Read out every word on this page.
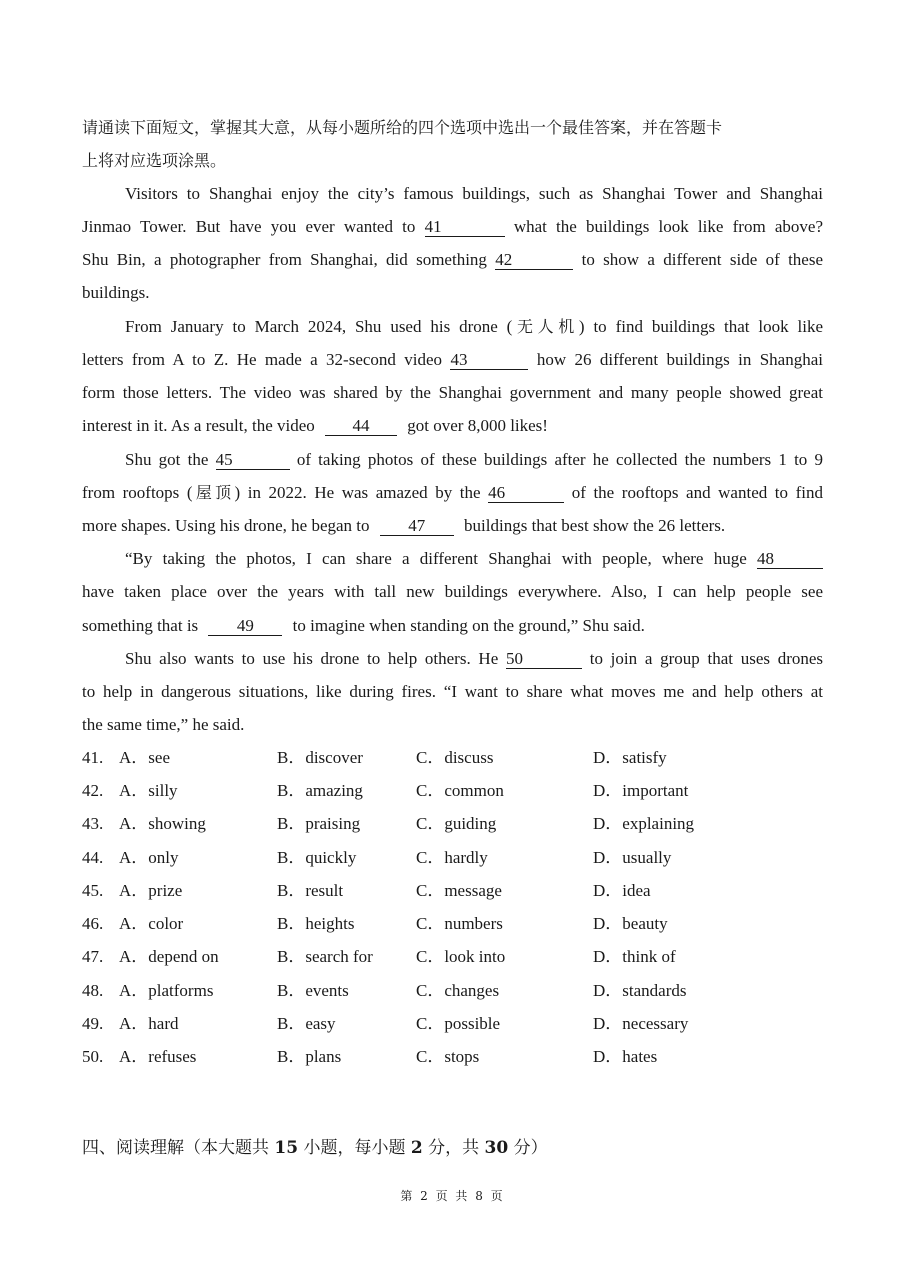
请通读下面短文，掌握其大意，从每小题所给的四个选项中选出一个最佳答案，并在答题卡
上将对应选项涂黑。
Visitors to Shanghai enjoy the city’s famous buildings, such as Shanghai Tower and Shanghai
Jinmao Tower. But have you ever wanted to 41	what the buildings look like from above?
Shu Bin, a photographer from Shanghai, did something 42	to show a different side of these
buildings.
From January to March 2024, Shu used his drone (无人机) to find buildings that look like
letters from A to Z. He made a 32-second video 43	how 26 different buildings in Shanghai
form those letters. The video was shared by the Shanghai government and many people showed great
interest in it. As a result, the video 44 got over 8,000 likes!
Shu got the 45	of taking photos of these buildings after he collected the numbers 1 to 9
from rooftops (屋顶) in 2022. He was amazed by the 46	of the rooftops and wanted to find
more shapes. Using his drone, he began to 47 buildings that best show the 26 letters.
“By taking the photos, I can share a different Shanghai with people, where huge 48
have taken place over the years with tall new buildings everywhere. Also, I can help people see
something that is 49 to imagine when standing on the ground,” Shu said.
Shu also wants to use his drone to help others. He 50	to join a group that uses drones
to help in dangerous situations, like during fires. “I want to share what moves me and help others at
the same time,” he said.
41. A．see	B．discover	C．discuss	D．satisfy
42. A．silly	B．amazing	C．common	D．important
43. A．showing	B．praising	C．guiding	D．explaining
44. A．only	B．quickly	C．hardly	D．usually
45. A．prize	B．result	C．message	D．idea
46. A．color	B．heights	C．numbers	D．beauty
47. A．depend on	B．search for	C．look into	D．think of
48. A．platforms	B．events	C．changes	D．standards
49. A．hard	B．easy	C．possible	D．necessary
50. A．refuses	B．plans	C．stops	D．hates
四、阅读理解（本大题共 15 小题，每小题 2 分，共 30 分）
第 2 页 共 8 页
